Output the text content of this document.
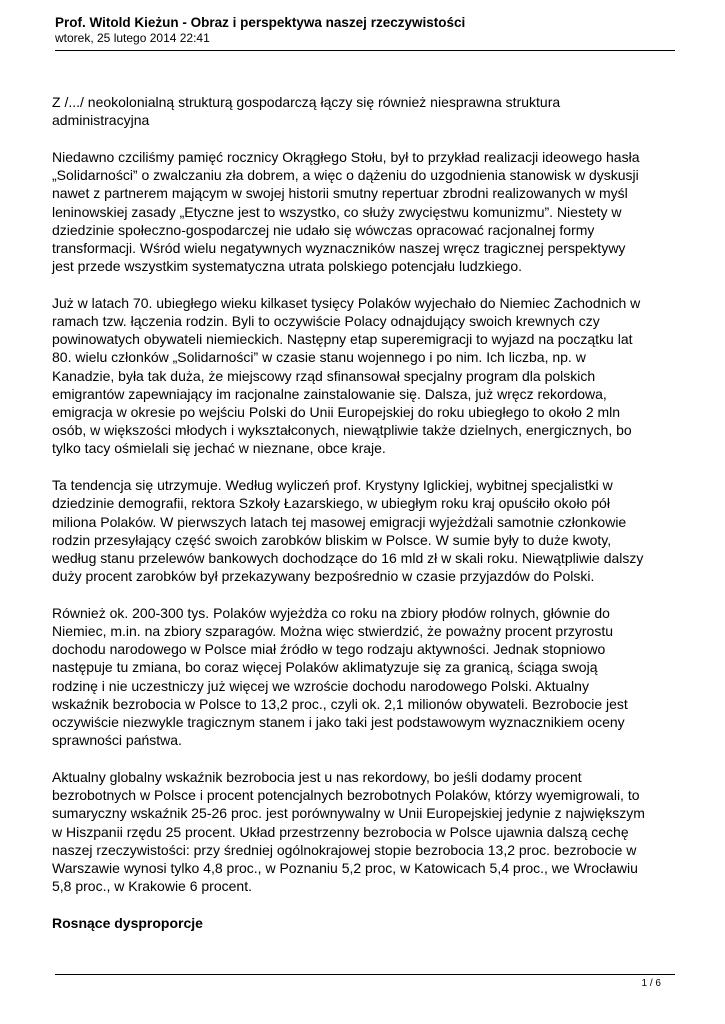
Prof. Witold Kieżun - Obraz i perspektywa naszej rzeczywistości
wtorek, 25 lutego 2014 22:41
Z /.../ neokolonialną strukturą gospodarczą łączy się również niesprawna struktura
administracyjna
Niedawno czciliśmy pamięć rocznicy Okrągłego Stołu, był to przykład realizacji ideowego hasła
„Solidarności” o zwalczaniu zła dobrem, a więc o dążeniu do uzgodnienia stanowisk w dyskusji
nawet z partnerem mającym w swojej historii smutny repertuar zbrodni realizowanych w myśl
leninowskiej zasady „Etyczne jest to wszystko, co służy zwycięstwu komunizmu”. Niestety w
dziedzinie społeczno-gospodarczej nie udało się wówczas opracować racjonalnej formy
transformacji. Wśród wielu negatywnych wyznaczników naszej wręcz tragicznej perspektywy
jest przede wszystkim systematyczna utrata polskiego potencjału ludzkiego.
Już w latach 70. ubiegłego wieku kilkaset tysięcy Polaków wyjechało do Niemiec Zachodnich w
ramach tzw. łączenia rodzin. Byli to oczywiście Polacy odnajdujący swoich krewnych czy
powinowatych obywateli niemieckich. Następny etap superemigracji to wyjazd na początku lat
80. wielu członków „Solidarności” w czasie stanu wojennego i po nim. Ich liczba, np. w
Kanadzie, była tak duża, że miejscowy rząd sfinansował specjalny program dla polskich
emigrantów zapewniający im racjonalne zainstalowanie się. Dalsza, już wręcz rekordowa,
emigracja w okresie po wejściu Polski do Unii Europejskiej do roku ubiegłego to około 2 mln
osób, w większości młodych i wykształconych, niewątpliwie także dzielnych, energicznych, bo
tylko tacy ośmielali się jechać w nieznane, obce kraje.
Ta tendencja się utrzymuje. Według wyliczeń prof. Krystyny Iglickiej, wybitnej specjalistki w
dziedzinie demografii, rektora Szkoły Łazarskiego, w ubiegłym roku kraj opuściło około pół
miliona Polaków. W pierwszych latach tej masowej emigracji wyjeżdżali samotnie członkowie
rodzin przesyłający część swoich zarobków bliskim w Polsce. W sumie były to duże kwoty,
według stanu przelewów bankowych dochodzące do 16 mld zł w skali roku. Niewątpliwie dalszy
duży procent zarobków był przekazywany bezpośrednio w czasie przyjazdów do Polski.
Również ok. 200-300 tys. Polaków wyjeżdża co roku na zbiory płodów rolnych, głównie do
Niemiec, m.in. na zbiory szparagów. Można więc stwierdzić, że poważny procent przyrostu
dochodu narodowego w Polsce miał źródło w tego rodzaju aktywności. Jednak stopniowo
następuje tu zmiana, bo coraz więcej Polaków aklimatyzuje się za granicą, ściąga swoją
rodzinę i nie uczestniczy już więcej we wzroście dochodu narodowego Polski. Aktualny
wskaźnik bezrobocia w Polsce to 13,2 proc., czyli ok. 2,1 milionów obywateli. Bezrobocie jest
oczywiście niezwykle tragicznym stanem i jako taki jest podstawowym wyznacznikiem oceny
sprawności państwa.
Aktualny globalny wskaźnik bezrobocia jest u nas rekordowy, bo jeśli dodamy procent
bezrobotnych w Polsce i procent potencjalnych bezrobotnych Polaków, którzy wyemigrowali, to
sumaryczny wskaźnik 25-26 proc. jest porównywalny w Unii Europejskiej jedynie z największym
w Hiszpanii rzędu 25 procent. Układ przestrzenny bezrobocia w Polsce ujawnia dalszą cechę
naszej rzeczywistości: przy średniej ogólnokrajowej stopie bezrobocia 13,2 proc. bezrobocie w
Warszawie wynosi tylko 4,8 proc., w Poznaniu 5,2 proc, w Katowicach 5,4 proc., we Wrocławiu
5,8 proc., w Krakowie 6 procent.
Rosnące dysproporcje
1 / 6
